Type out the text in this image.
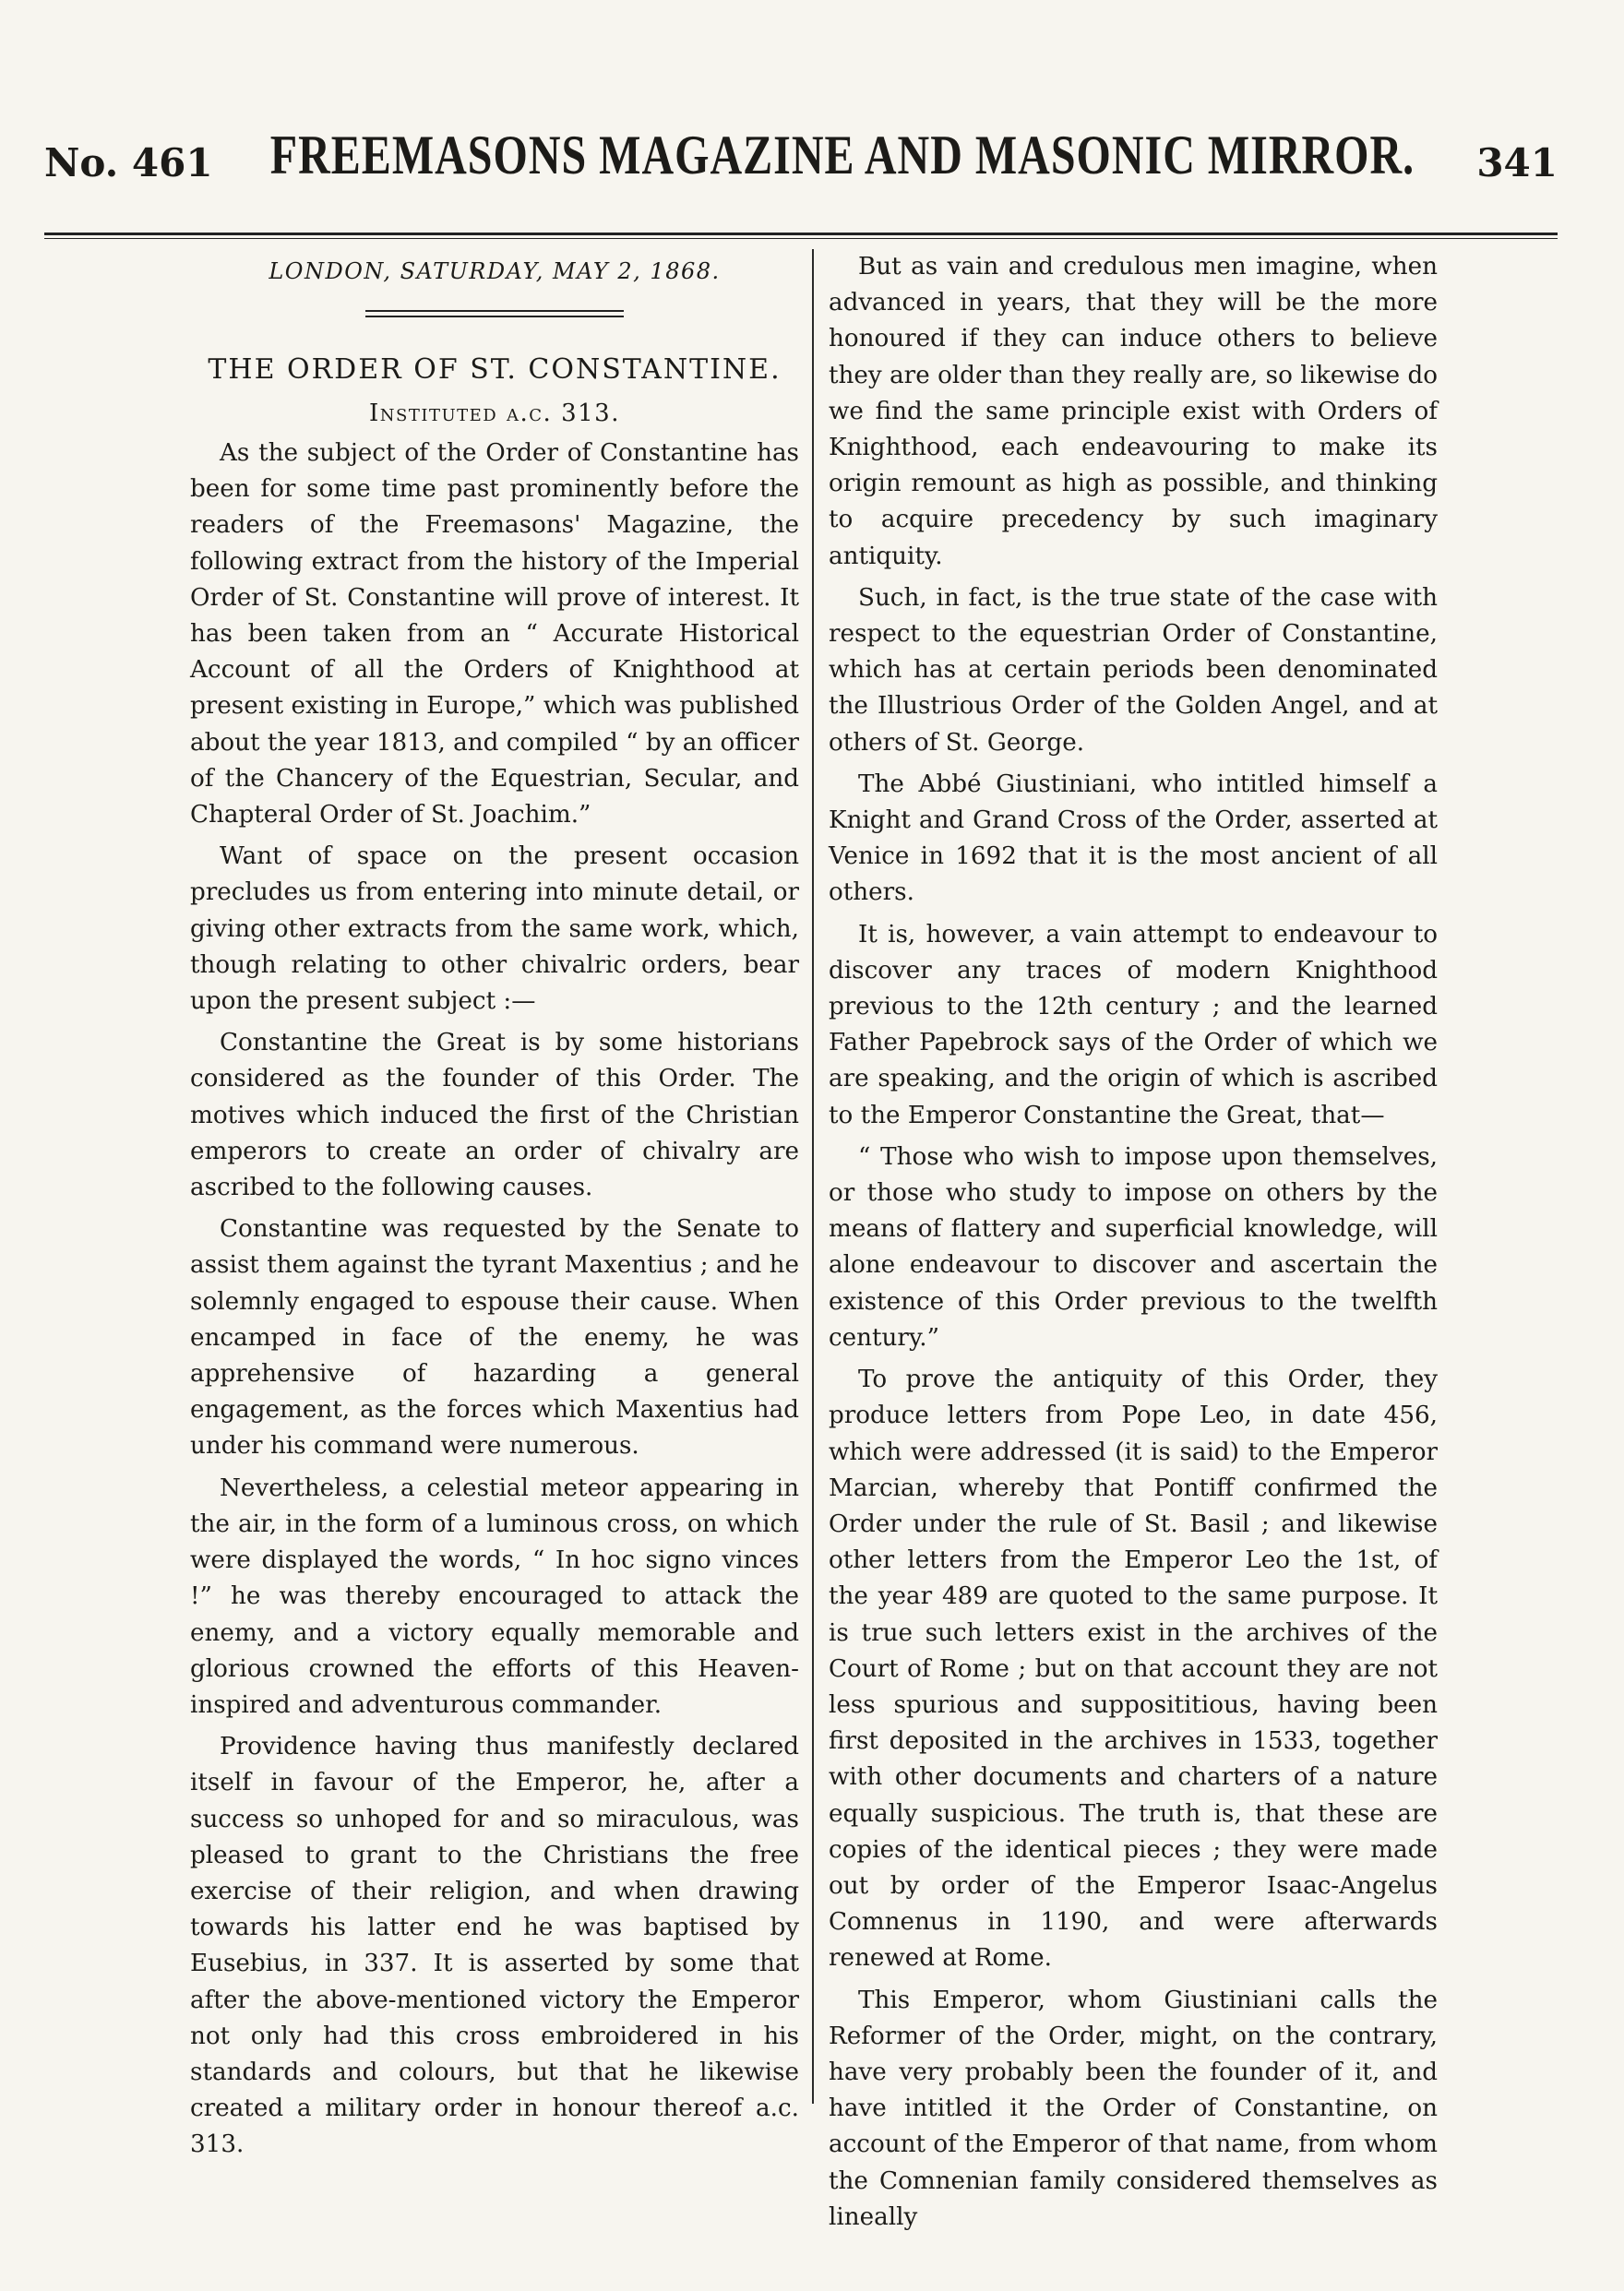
No. 461	FREEMASONS MAGAZINE AND MASONIC MIRROR.	341
LONDON, SATURDAY, MAY 2, 1868.
THE ORDER OF ST. CONSTANTINE.
Instituted a.c. 313.

As the subject of the Order of Constantine has been for some time past prominently before the readers of the Freemasons' Magazine, the following extract from the history of the Imperial Order of St. Constantine will prove of interest. It has been taken from an “ Accurate Historical Account of all the Orders of Knighthood at present existing in Europe,” which was published about the year 1813, and compiled “ by an officer of the Chancery of the Equestrian, Secular, and Chapteral Order of St. Joachim.”

Want of space on the present occasion precludes us from entering into minute detail, or giving other extracts from the same work, which, though relating to other chivalric orders, bear upon the present subject :—

Constantine the Great is by some historians considered as the founder of this Order. The motives which induced the first of the Christian emperors to create an order of chivalry are ascribed to the following causes.

Constantine was requested by the Senate to assist them against the tyrant Maxentius ; and he solemnly engaged to espouse their cause. When encamped in face of the enemy, he was apprehensive of hazarding a general engagement, as the forces which Maxentius had under his command were numerous.

Nevertheless, a celestial meteor appearing in the air, in the form of a luminous cross, on which were displayed the words, “ In hoc signo vinces !” he was thereby encouraged to attack the enemy, and a victory equally memorable and glorious crowned the efforts of this Heaven-inspired and adventurous commander.

Providence having thus manifestly declared itself in favour of the Emperor, he, after a success so unhoped for and so miraculous, was pleased to grant to the Christians the free exercise of their religion, and when drawing towards his latter end he was baptised by Eusebius, in 337. It is asserted by some that after the above-mentioned victory the Emperor not only had this cross embroidered in his standards and colours, but that he likewise created a military order in honour thereof a.c. 313.

But as vain and credulous men imagine, when advanced in years, that they will be the more honoured if they can induce others to believe they are older than they really are, so likewise do we find the same principle exist with Orders of Knighthood, each endeavouring to make its origin remount as high as possible, and thinking to acquire precedency by such imaginary antiquity.

Such, in fact, is the true state of the case with respect to the equestrian Order of Constantine, which has at certain periods been denominated the Illustrious Order of the Golden Angel, and at others of St. George.

The Abbé Giustiniani, who intitled himself a Knight and Grand Cross of the Order, asserted at Venice in 1692 that it is the most ancient of all others.

It is, however, a vain attempt to endeavour to discover any traces of modern Knighthood previous to the 12th century ; and the learned Father Papebrock says of the Order of which we are speaking, and the origin of which is ascribed to the Emperor Constantine the Great, that—

“ Those who wish to impose upon themselves, or those who study to impose on others by the means of flattery and superficial knowledge, will alone endeavour to discover and ascertain the existence of this Order previous to the twelfth century.”

To prove the antiquity of this Order, they produce letters from Pope Leo, in date 456, which were addressed (it is said) to the Emperor Marcian, whereby that Pontiff confirmed the Order under the rule of St. Basil ; and likewise other letters from the Emperor Leo the 1st, of the year 489 are quoted to the same purpose. It is true such letters exist in the archives of the Court of Rome ; but on that account they are not less spurious and supposititious, having been first deposited in the archives in 1533, together with other documents and charters of a nature equally suspicious. The truth is, that these are copies of the identical pieces ; they were made out by order of the Emperor Isaac-Angelus Comnenus in 1190, and were afterwards renewed at Rome.

This Emperor, whom Giustiniani calls the Reformer of the Order, might, on the contrary, have very probably been the founder of it, and have intitled it the Order of Constantine, on account of the Emperor of that name, from whom the Comnenian family considered themselves as lineally
